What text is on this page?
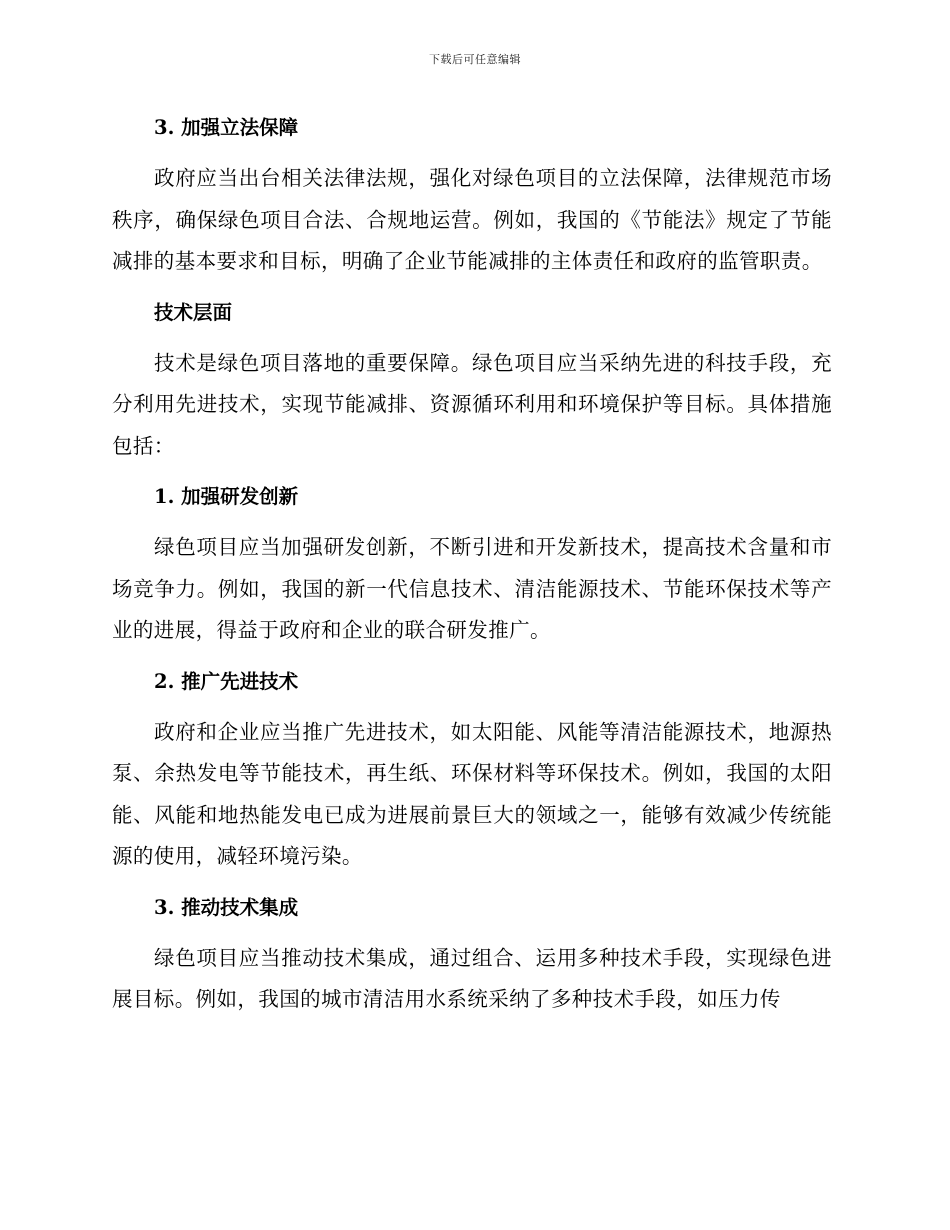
下载后可任意编辑
3. 加强立法保障

政府应当出台相关法律法规，强化对绿色项目的立法保障，法律规范市场秩序，确保绿色项目合法、合规地运营。例如，我国的《节能法》规定了节能减排的基本要求和目标，明确了企业节能减排的主体责任和政府的监管职责。

技术层面

技术是绿色项目落地的重要保障。绿色项目应当采纳先进的科技手段，充分利用先进技术，实现节能减排、资源循环利用和环境保护等目标。具体措施包括：

1. 加强研发创新

绿色项目应当加强研发创新，不断引进和开发新技术，提高技术含量和市场竞争力。例如，我国的新一代信息技术、清洁能源技术、节能环保技术等产业的进展，得益于政府和企业的联合研发推广。

2. 推广先进技术

政府和企业应当推广先进技术，如太阳能、风能等清洁能源技术，地源热泵、余热发电等节能技术，再生纸、环保材料等环保技术。例如，我国的太阳能、风能和地热能发电已成为进展前景巨大的领域之一，能够有效减少传统能源的使用，减轻环境污染。

3. 推动技术集成

绿色项目应当推动技术集成，通过组合、运用多种技术手段，实现绿色进展目标。例如，我国的城市清洁用水系统采纳了多种技术手段，如压力传
